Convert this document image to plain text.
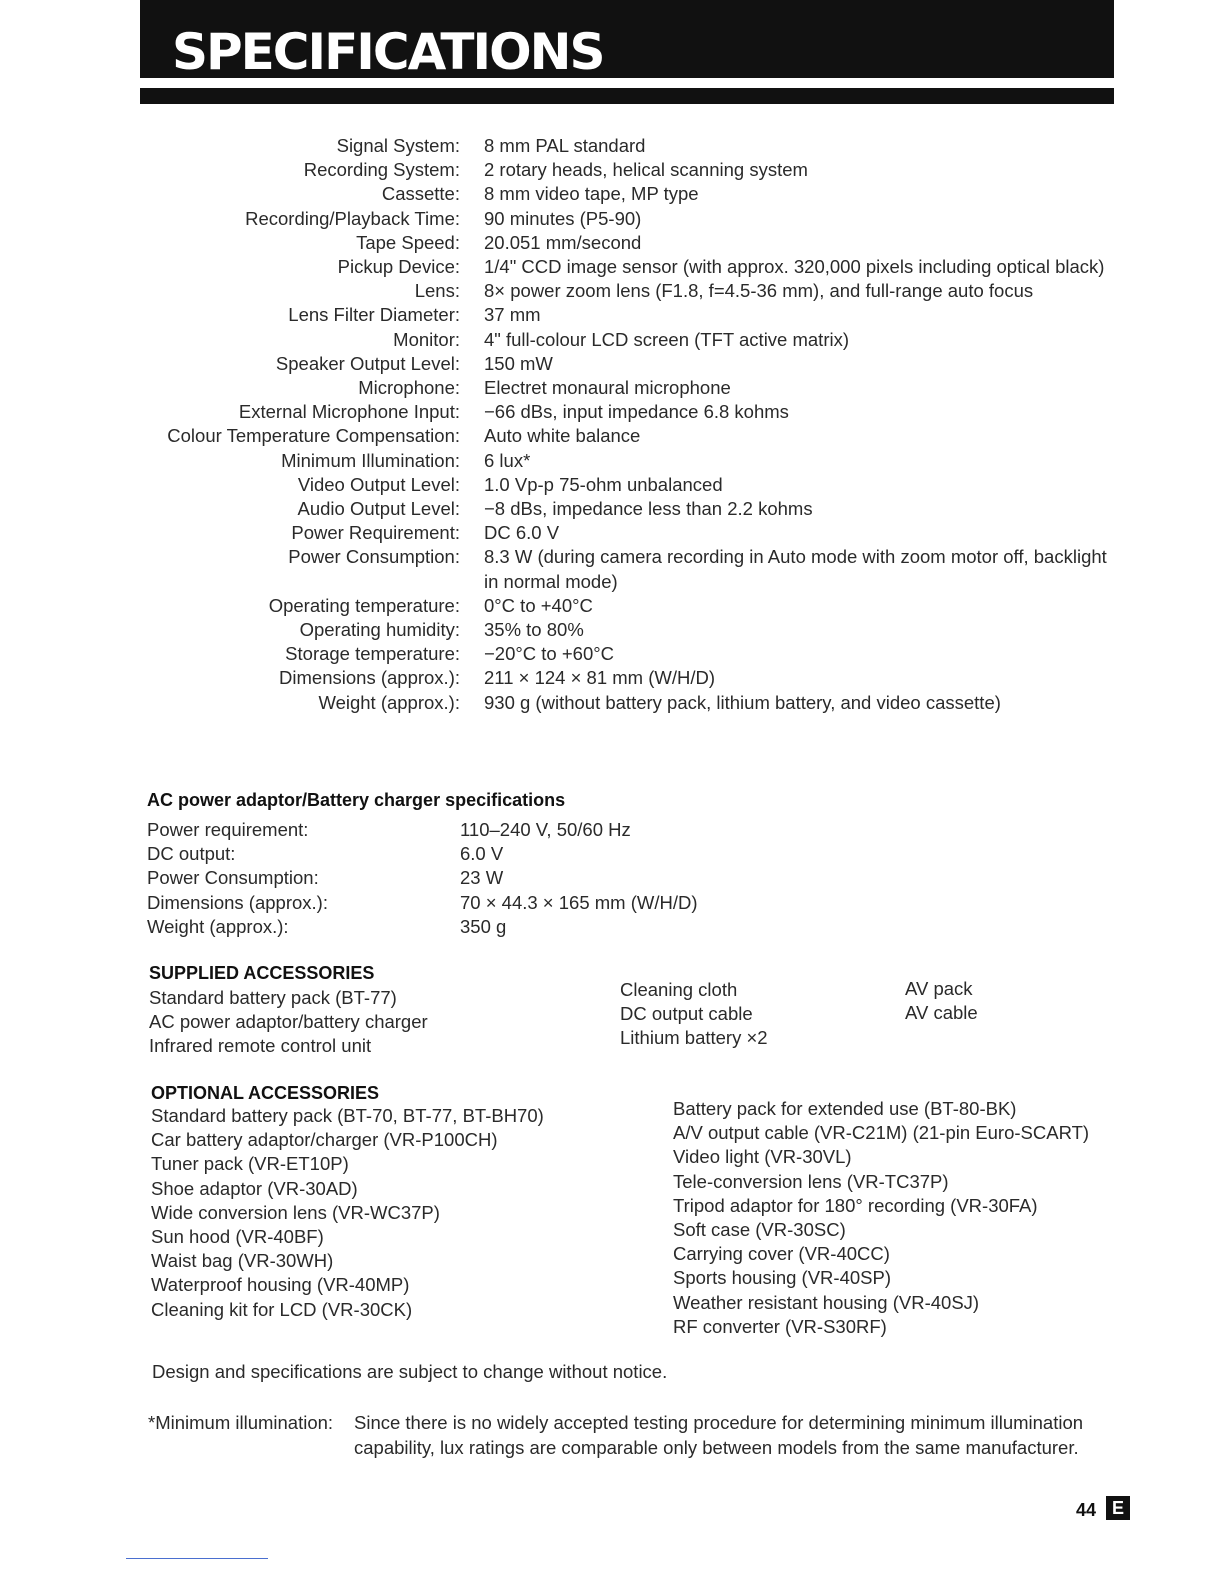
SPECIFICATIONS
Signal System: 8 mm PAL standard
Recording System: 2 rotary heads, helical scanning system
Cassette: 8 mm video tape, MP type
Recording/Playback Time: 90 minutes (P5-90)
Tape Speed: 20.051 mm/second
Pickup Device: 1/4" CCD image sensor (with approx. 320,000 pixels including optical black)
Lens: 8× power zoom lens (F1.8, f=4.5-36 mm), and full-range auto focus
Lens Filter Diameter: 37 mm
Monitor: 4" full-colour LCD screen (TFT active matrix)
Speaker Output Level: 150 mW
Microphone: Electret monaural microphone
External Microphone Input: −66 dBs, input impedance 6.8 kohms
Colour Temperature Compensation: Auto white balance
Minimum Illumination: 6 lux*
Video Output Level: 1.0 Vp-p 75-ohm unbalanced
Audio Output Level: −8 dBs, impedance less than 2.2 kohms
Power Requirement: DC 6.0 V
Power Consumption: 8.3 W (during camera recording in Auto mode with zoom motor off, backlight in normal mode)
Operating temperature: 0°C to +40°C
Operating humidity: 35% to 80%
Storage temperature: −20°C to +60°C
Dimensions (approx.): 211 × 124 × 81 mm (W/H/D)
Weight (approx.): 930 g (without battery pack, lithium battery, and video cassette)
AC power adaptor/Battery charger specifications
Power requirement:	110–240 V, 50/60 Hz
DC output:	6.0 V
Power Consumption:	23 W
Dimensions (approx.):	70 × 44.3 × 165 mm (W/H/D)
Weight (approx.):	350 g
SUPPLIED ACCESSORIES
Standard battery pack (BT-77)
AC power adaptor/battery charger
Infrared remote control unit
Cleaning cloth
DC output cable
Lithium battery ×2
AV pack
AV cable
OPTIONAL ACCESSORIES
Standard battery pack (BT-70, BT-77, BT-BH70)
Car battery adaptor/charger (VR-P100CH)
Tuner pack (VR-ET10P)
Shoe adaptor (VR-30AD)
Wide conversion lens (VR-WC37P)
Sun hood (VR-40BF)
Waist bag (VR-30WH)
Waterproof housing (VR-40MP)
Cleaning kit for LCD (VR-30CK)
Battery pack for extended use (BT-80-BK)
A/V output cable (VR-C21M) (21-pin Euro-SCART)
Video light (VR-30VL)
Tele-conversion lens (VR-TC37P)
Tripod adaptor for 180° recording (VR-30FA)
Soft case (VR-30SC)
Carrying cover (VR-40CC)
Sports housing (VR-40SP)
Weather resistant housing (VR-40SJ)
RF converter (VR-S30RF)
Design and specifications are subject to change without notice.
*Minimum illumination:	Since there is no widely accepted testing procedure for determining minimum illumination capability, lux ratings are comparable only between models from the same manufacturer.
44 E
